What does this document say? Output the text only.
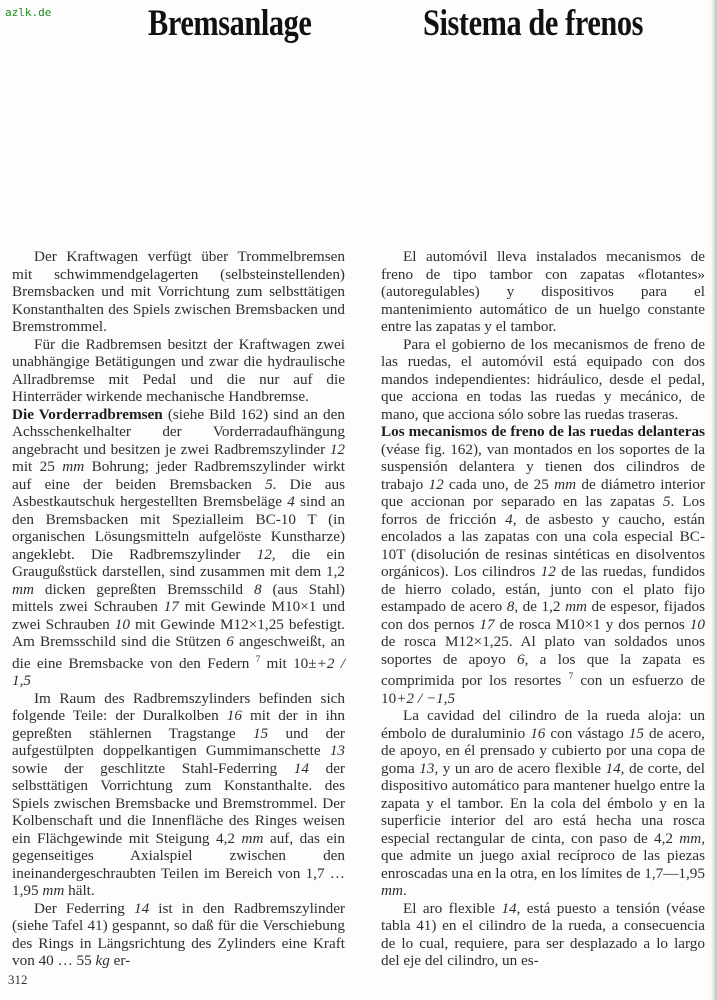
azlk.de	Bremsanlage	Sistema de frenos

Der Kraftwagen verfügt über Trommelbremsen mit schwimmendgelagerten (selbsteinstellenden) Bremsbacken und mit Vorrichtung zum selbsttätigen Konstanthalten des Spiels zwischen Bremsbacken und Bremstrommel.

Für die Radbremsen besitzt der Kraftwagen zwei unabhängige Betätigungen und zwar die hydraulische Allradbremse mit Pedal und die nur auf die Hinterräder wirkende mechanische Handbremse.

Die Vorderradbremsen (siehe Bild 162) sind an den Achsschenkelhalter der Vorderradaufhängung angebracht und besitzen je zwei Radbremszylinder 12 mit 25 mm Bohrung; jeder Radbremszylinder wirkt auf eine der beiden Bremsbacken 5. Die aus Asbestkautschuk hergestellten Bremsbeläge 4 sind an den Bremsbacken mit Spezialleim BC-10 T (in organischen Lösungsmitteln aufgelöste Kunstharze) angeklebt. Die Radbremszylinder 12, die ein Graugußstück darstellen, sind zusammen mit dem 1,2 mm dicken gepreßten Bremsschild 8 (aus Stahl) mittels zwei Schrauben 17 mit Gewinde M10×1 und zwei Schrauben 10 mit Gewinde M12×1,25 befestigt. Am Bremsschild sind die Stützen 6 angeschweißt, an die eine Bremsbacke von den Federn $^7$ mit 10±+2 / 1,5

Im Raum des Radbremszylinders befinden sich folgende Teile: der Duralkolben 16 mit der in ihn gepreßten stählernen Tragstange 15 und der aufgestülpten doppelkantigen Gummimanschette 13 sowie der geschlitzte Stahl-Federring 14 der selbsttätigen Vorrichtung zum Konstanthalte. des Spiels zwischen Bremsbacke und Bremstrommel. Der Kolbenschaft und die Innenfläche des Ringes weisen ein Flächgewinde mit Steigung 4,2 mm auf, das ein gegenseitiges Axialspiel zwischen den ineinandergeschraubten Teilen im Bereich von 1,7 … 1,95 mm hält.

Der Federring 14 ist in den Radbremszylinder (siehe Tafel 41) gespannt, so daß für die Verschiebung des Rings in Längsrichtung des Zylinders eine Kraft von 40 … 55 kg er-

El automóvil lleva instalados mecanismos de freno de tipo tambor con zapatas «flotantes» (autoregulables) y dispositivos para el mantenimiento automático de un huelgo constante entre las zapatas y el tambor.

Para el gobierno de los mecanismos de freno de las ruedas, el automóvil está equipado con dos mandos independientes: hidráulico, desde el pedal, que acciona en todas las ruedas y mecánico, de mano, que acciona sólo sobre las ruedas traseras.

Los mecanismos de freno de las ruedas delanteras (véase fig. 162), van montados en los soportes de la suspensión delantera y tienen dos cilindros de trabajo 12 cada uno, de 25 mm de diámetro interior que accionan por separado en las zapatas 5. Los forros de fricción 4, de asbesto y caucho, están encolados a las zapatas con una cola especial BC-10T (disolución de resinas sintéticas en disolventos orgánicos). Los cilindros 12 de las ruedas, fundidos de hierro colado, están, junto con el plato fijo estampado de acero 8, de 1,2 mm de espesor, fijados con dos pernos 17 de rosca M10×1 y dos pernos 10 de rosca M12×1,25. Al plato van soldados unos soportes de apoyo 6, a los que la zapata es comprimida por los resortes $^7$ con un esfuerzo de 10+2 / −1,5

La cavidad del cilindro de la rueda aloja: un émbolo de duraluminio 16 con vástago 15 de acero, de apoyo, en él prensado y cubierto por una copa de goma 13, y un aro de acero flexible 14, de corte, del dispositivo automático para mantener huelgo entre la zapata y el tambor. En la cola del émbolo y en la superficie interior del aro está hecha una rosca especial rectangular de cinta, con paso de 4,2 mm, que admite un juego axial recíproco de las piezas enroscadas una en la otra, en los límites de 1,7—1,95 mm.

El aro flexible 14, está puesto a tensión (véase tabla 41) en el cilindro de la rueda, a consecuencia de lo cual, requiere, para ser desplazado a lo largo del eje del cilindro, un es-

312
